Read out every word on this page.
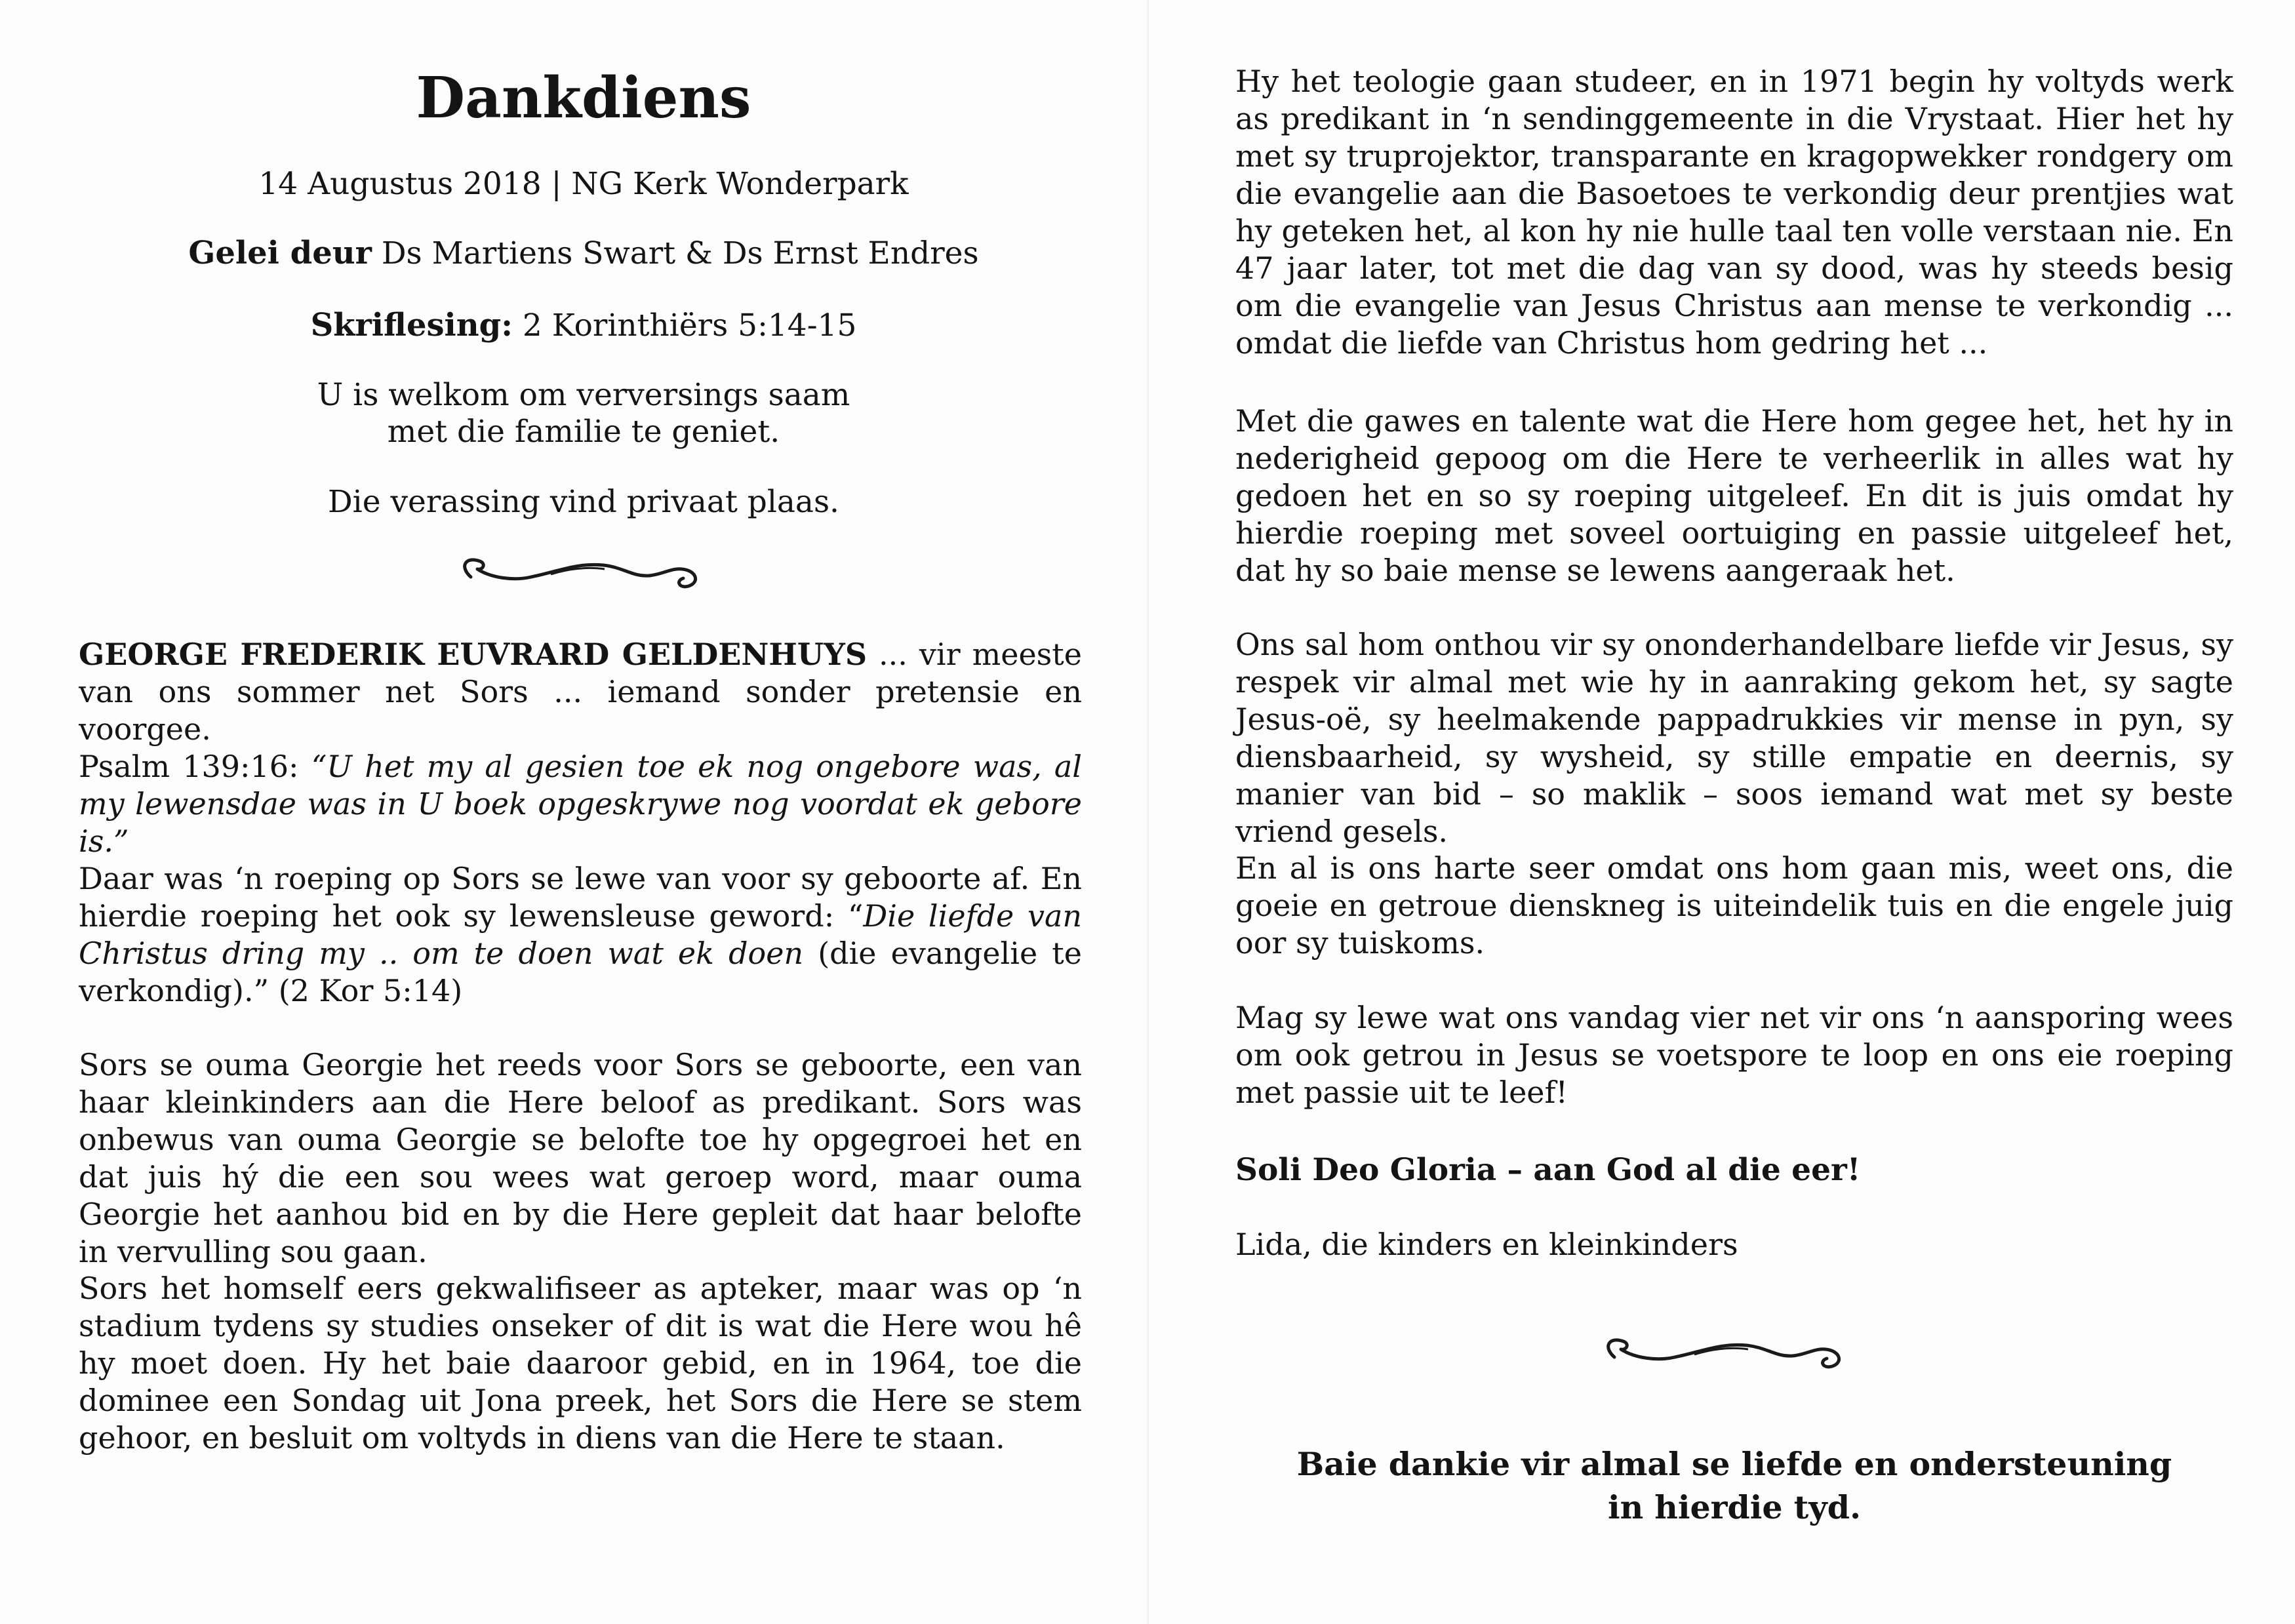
Dankdiens
14 Augustus 2018 | NG Kerk Wonderpark
Gelei deur Ds Martiens Swart & Ds Ernst Endres
Skriflesing: 2 Korinthiërs 5:14-15
U is welkom om verversings saam
met die familie te geniet.
Die verassing vind privaat plaas.

GEORGE FREDERIK EUVRARD GELDENHUYS ... vir meeste van ons sommer net Sors ... iemand sonder pretensie en voorgee.

Psalm 139:16: “U het my al gesien toe ek nog ongebore was, al my lewensdae was in U boek opgeskrywe nog voordat ek gebore is.”

Daar was ‘n roeping op Sors se lewe van voor sy geboorte af. En hierdie roeping het ook sy lewensleuse geword: “Die liefde van Christus dring my .. om te doen wat ek doen (die evangelie te verkondig).” (2 Kor 5:14)

Sors se ouma Georgie het reeds voor Sors se geboorte, een van haar kleinkinders aan die Here beloof as predikant. Sors was onbewus van ouma Georgie se belofte toe hy opgegroei het en dat juis hý die een sou wees wat geroep word, maar ouma Georgie het aanhou bid en by die Here gepleit dat haar belofte in vervulling sou gaan.

Sors het homself eers gekwalifiseer as apteker, maar was op ‘n stadium tydens sy studies onseker of dit is wat die Here wou hê hy moet doen. Hy het baie daaroor gebid, en in 1964, toe die dominee een Sondag uit Jona preek, het Sors die Here se stem gehoor, en besluit om voltyds in diens van die Here te staan.

Hy het teologie gaan studeer, en in 1971 begin hy voltyds werk as predikant in ‘n sendinggemeente in die Vrystaat. Hier het hy met sy truprojektor, transparante en kragopwekker rondgery om die evangelie aan die Basoetoes te verkondig deur prentjies wat hy geteken het, al kon hy nie hulle taal ten volle verstaan nie. En 47 jaar later, tot met die dag van sy dood, was hy steeds besig om die evangelie van Jesus Christus aan mense te verkondig ... omdat die liefde van Christus hom gedring het ...

Met die gawes en talente wat die Here hom gegee het, het hy in nederigheid gepoog om die Here te verheerlik in alles wat hy gedoen het en so sy roeping uitgeleef. En dit is juis omdat hy hierdie roeping met soveel oortuiging en passie uitgeleef het, dat hy so baie mense se lewens aangeraak het.

Ons sal hom onthou vir sy ononderhandelbare liefde vir Jesus, sy respek vir almal met wie hy in aanraking gekom het, sy sagte Jesus-oë, sy heelmakende pappadrukkies vir mense in pyn, sy diensbaarheid, sy wysheid, sy stille empatie en deernis, sy manier van bid – so maklik – soos iemand wat met sy beste vriend gesels.

En al is ons harte seer omdat ons hom gaan mis, weet ons, die goeie en getroue dienskneg is uiteindelik tuis en die engele juig oor sy tuiskoms.

Mag sy lewe wat ons vandag vier net vir ons ‘n aansporing wees om ook getrou in Jesus se voetspore te loop en ons eie roeping met passie uit te leef!

Soli Deo Gloria – aan God al die eer!
Lida, die kinders en kleinkinders
Baie dankie vir almal se liefde en ondersteuning
in hierdie tyd.
